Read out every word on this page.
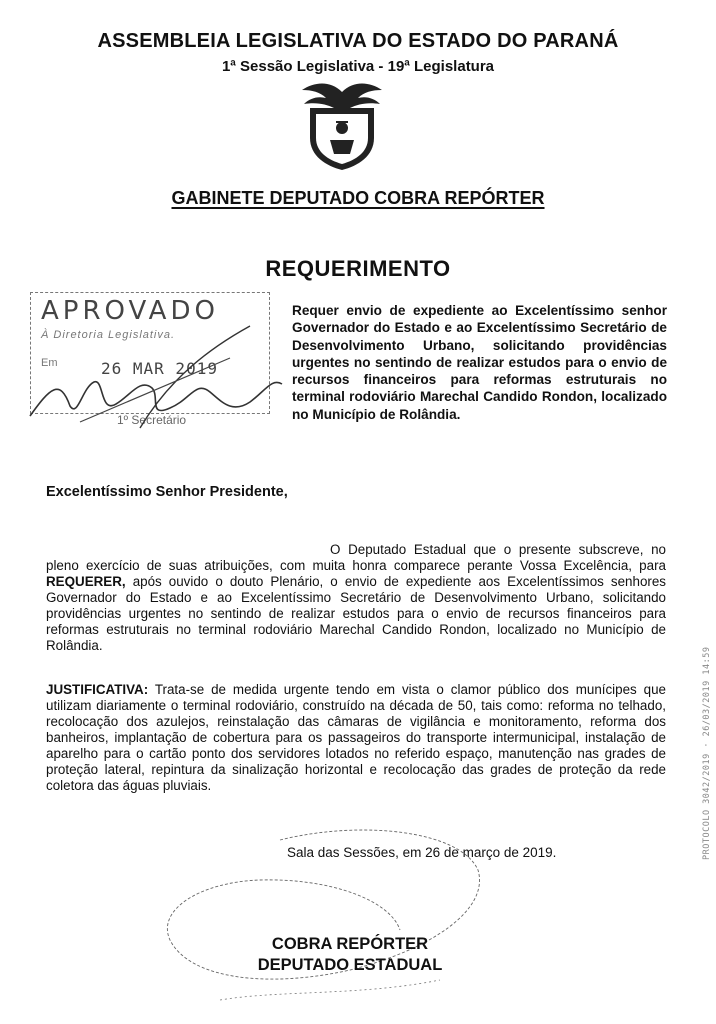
ASSEMBLEIA LEGISLATIVA DO ESTADO DO PARANÁ
1ª Sessão Legislativa - 19ª Legislatura
GABINETE DEPUTADO COBRA REPÓRTER
REQUERIMENTO
APROVADO
À Diretoria Legislativa.
Em	26 MAR 2019
1º Secretário
Requer envio de expediente ao Excelentíssimo senhor Governador do Estado e ao Excelentíssimo Secretário de Desenvolvimento Urbano, solicitando providências urgentes no sentindo de realizar estudos para o envio de recursos financeiros para reformas estruturais no terminal rodoviário Marechal Candido Rondon, localizado no Município de Rolândia.
Excelentíssimo Senhor Presidente,
O Deputado Estadual que o presente subscreve, no pleno exercício de suas atribuições, com muita honra comparece perante Vossa Excelência, para REQUERER, após ouvido o douto Plenário, o envio de expediente aos Excelentíssimos senhores Governador do Estado e ao Excelentíssimo Secretário de Desenvolvimento Urbano, solicitando providências urgentes no sentindo de realizar estudos para o envio de recursos financeiros para reformas estruturais no terminal rodoviário Marechal Candido Rondon, localizado no Município de Rolândia.
JUSTIFICATIVA: Trata-se de medida urgente tendo em vista o clamor público dos munícipes que utilizam diariamente o terminal rodoviário, construído na década de 50, tais como: reforma no telhado, recolocação dos azulejos, reinstalação das câmaras de vigilância e monitoramento, reforma dos banheiros, implantação de cobertura para os passageiros do transporte intermunicipal, instalação de aparelho para o cartão ponto dos servidores lotados no referido espaço, manutenção nas grades de proteção lateral, repintura da sinalização horizontal e recolocação das grades de proteção da rede coletora das águas pluviais.
Sala das Sessões, em 26 de março de 2019.
COBRA REPÓRTER
DEPUTADO ESTADUAL
PROTOCOLO 3042/2019 · 26/03/2019 14:59
